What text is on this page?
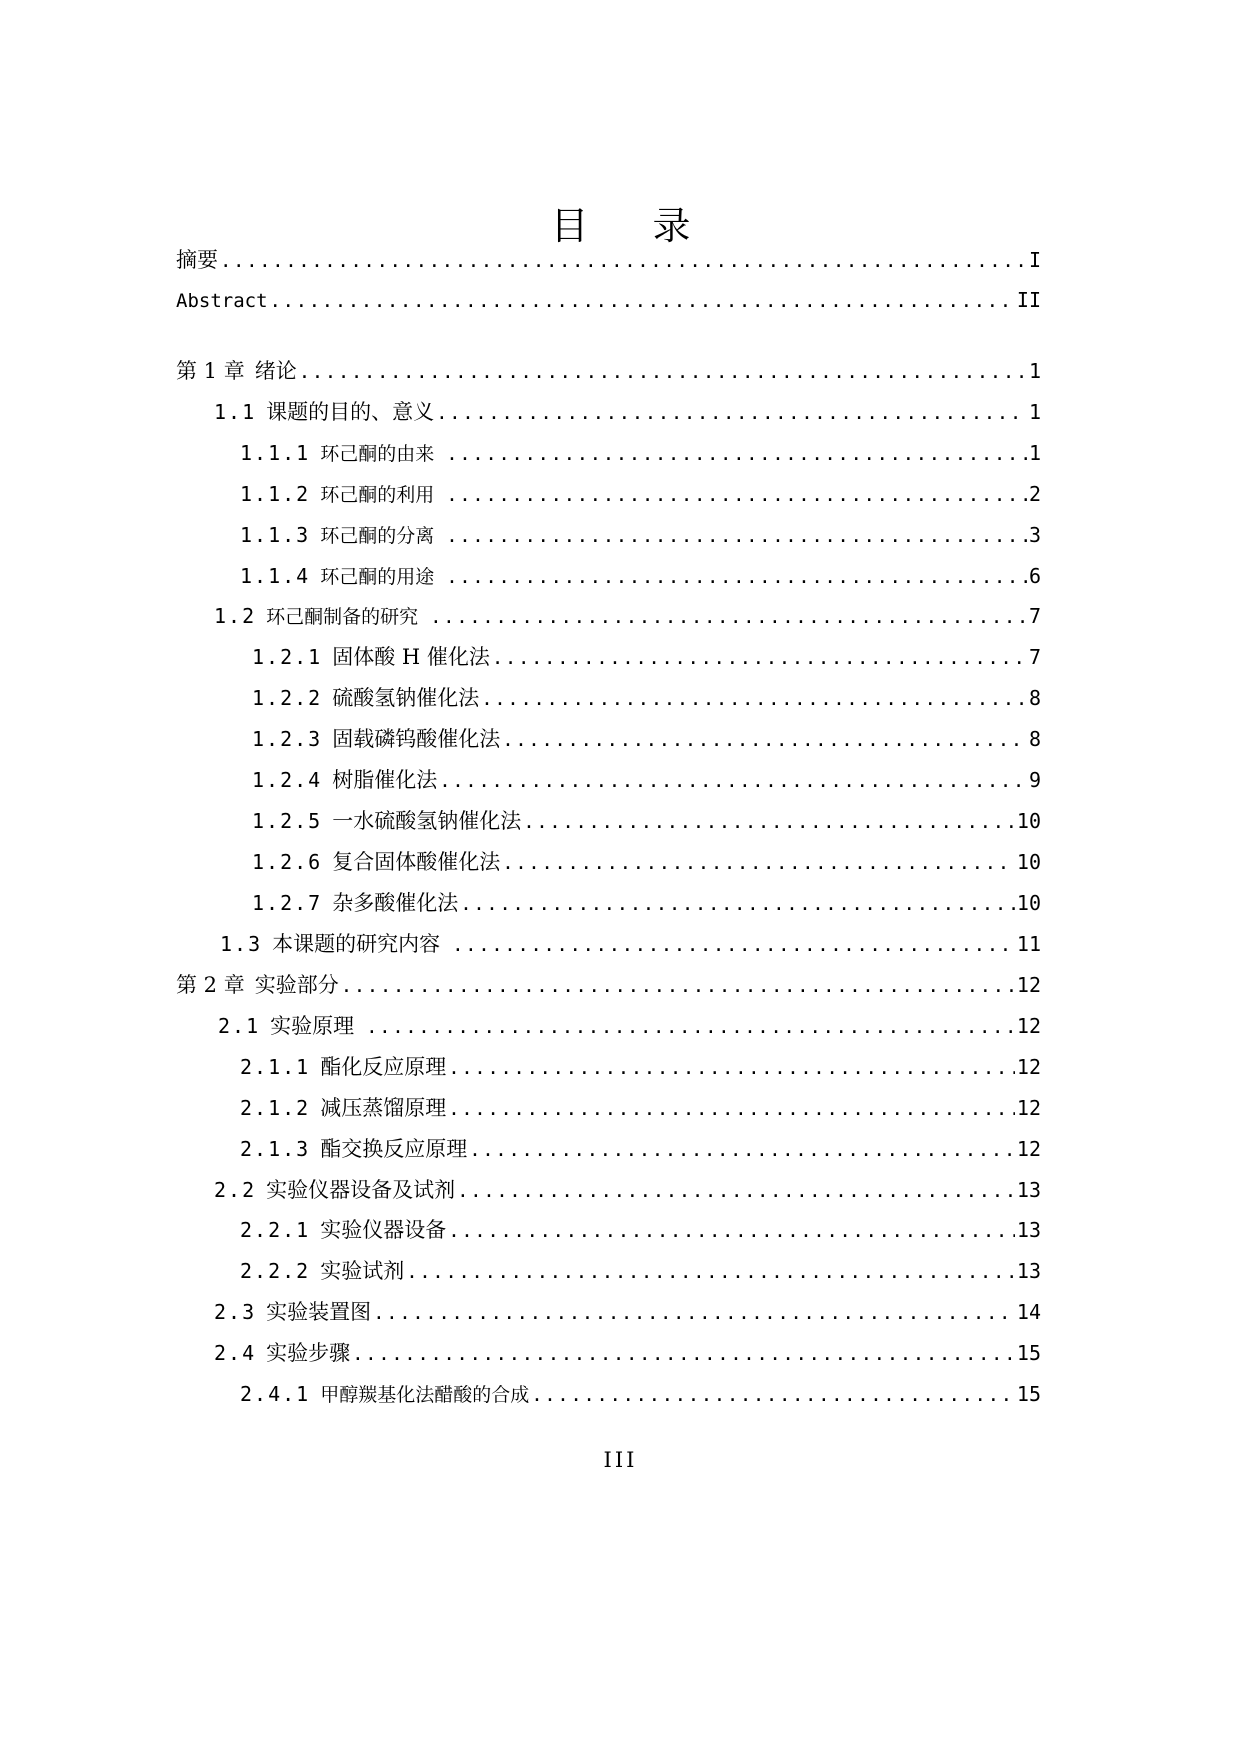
目 录
摘要 .....	I
Abstract .....	II
第 1 章 绪论 .....	1
1.1 课题的目的、意义 .....	1
1.1.1 环己酮的由来 .....	1
1.1.2 环己酮的利用 .....	2
1.1.3 环己酮的分离 .....	3
1.1.4 环己酮的用途 .....	6
1.2 环己酮制备的研究 .....	7
1.2.1 固体酸 H 催化法 .....	7
1.2.2 硫酸氢钠催化法 .....	8
1.2.3 固载磷钨酸催化法 .....	8
1.2.4 树脂催化法 .....	9
1.2.5 一水硫酸氢钠催化法 .....	10
1.2.6 复合固体酸催化法 .....	10
1.2.7 杂多酸催化法 .....	10
1.3 本课题的研究内容 .....	11
第 2 章 实验部分 .....	12
2.1 实验原理 .....	12
2.1.1 酯化反应原理 .....	12
2.1.2 减压蒸馏原理 .....	12
2.1.3 酯交换反应原理 .....	12
2.2 实验仪器设备及试剂 .....	13
2.2.1 实验仪器设备 .....	13
2.2.2 实验试剂 .....	13
2.3 实验装置图 .....	14
2.4 实验步骤 .....	15
2.4.1 甲醇羰基化法醋酸的合成 .....	15
III
